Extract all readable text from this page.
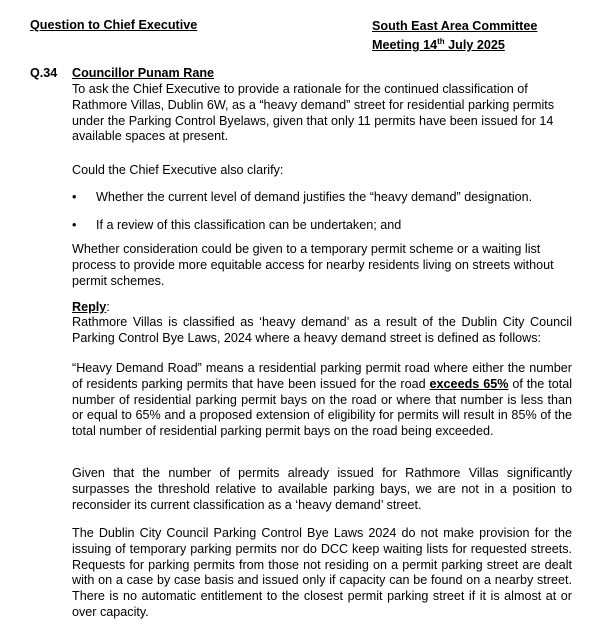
Question to Chief Executive	South East Area Committee
Meeting 14th July 2025
Q.34 Councillor Punam Rane
To ask the Chief Executive to provide a rationale for the continued classification of Rathmore Villas, Dublin 6W, as a “heavy demand” street for residential parking permits under the Parking Control Byelaws, given that only 11 permits have been issued for 14 available spaces at present.
Could the Chief Executive also clarify:
• Whether the current level of demand justifies the “heavy demand” designation.
• If a review of this classification can be undertaken; and
Whether consideration could be given to a temporary permit scheme or a waiting list process to provide more equitable access for nearby residents living on streets without permit schemes.
Reply:
Rathmore Villas is classified as ‘heavy demand’ as a result of the Dublin City Council Parking Control Bye Laws, 2024 where a heavy demand street is defined as follows:
“Heavy Demand Road” means a residential parking permit road where either the number of residents parking permits that have been issued for the road exceeds 65% of the total number of residential parking permit bays on the road or where that number is less than or equal to 65% and a proposed extension of eligibility for permits will result in 85% of the total number of residential parking permit bays on the road being exceeded.
Given that the number of permits already issued for Rathmore Villas significantly surpasses the threshold relative to available parking bays, we are not in a position to reconsider its current classification as a ‘heavy demand’ street.
The Dublin City Council Parking Control Bye Laws 2024 do not make provision for the issuing of temporary parking permits nor do DCC keep waiting lists for requested streets. Requests for parking permits from those not residing on a permit parking street are dealt with on a case by case basis and issued only if capacity can be found on a nearby street. There is no automatic entitlement to the closest permit parking street if it is almost at or over capacity.
